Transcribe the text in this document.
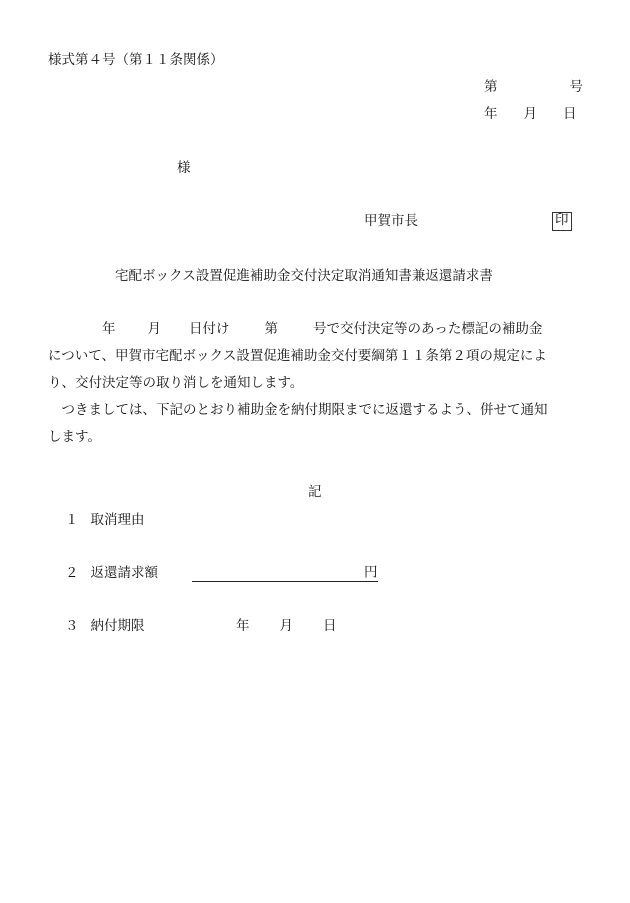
様式第４号（第１１条関係）
第	号
年 月 日
様
甲賀市長	印
宅配ボックス設置促進補助金交付決定取消通知書兼返還請求書
年 月 日付け	第	号で交付決定等のあった標記の補助金
について、甲賀市宅配ボックス設置促進補助金交付要綱第１１条第２項の規定によ
り、交付決定等の取り消しを通知します。
　つきましては、下記のとおり補助金を納付期限までに返還するよう、併せて通知
します。
記
１ 取消理由
２ 返還請求額	円
３ 納付期限	年 月 日
